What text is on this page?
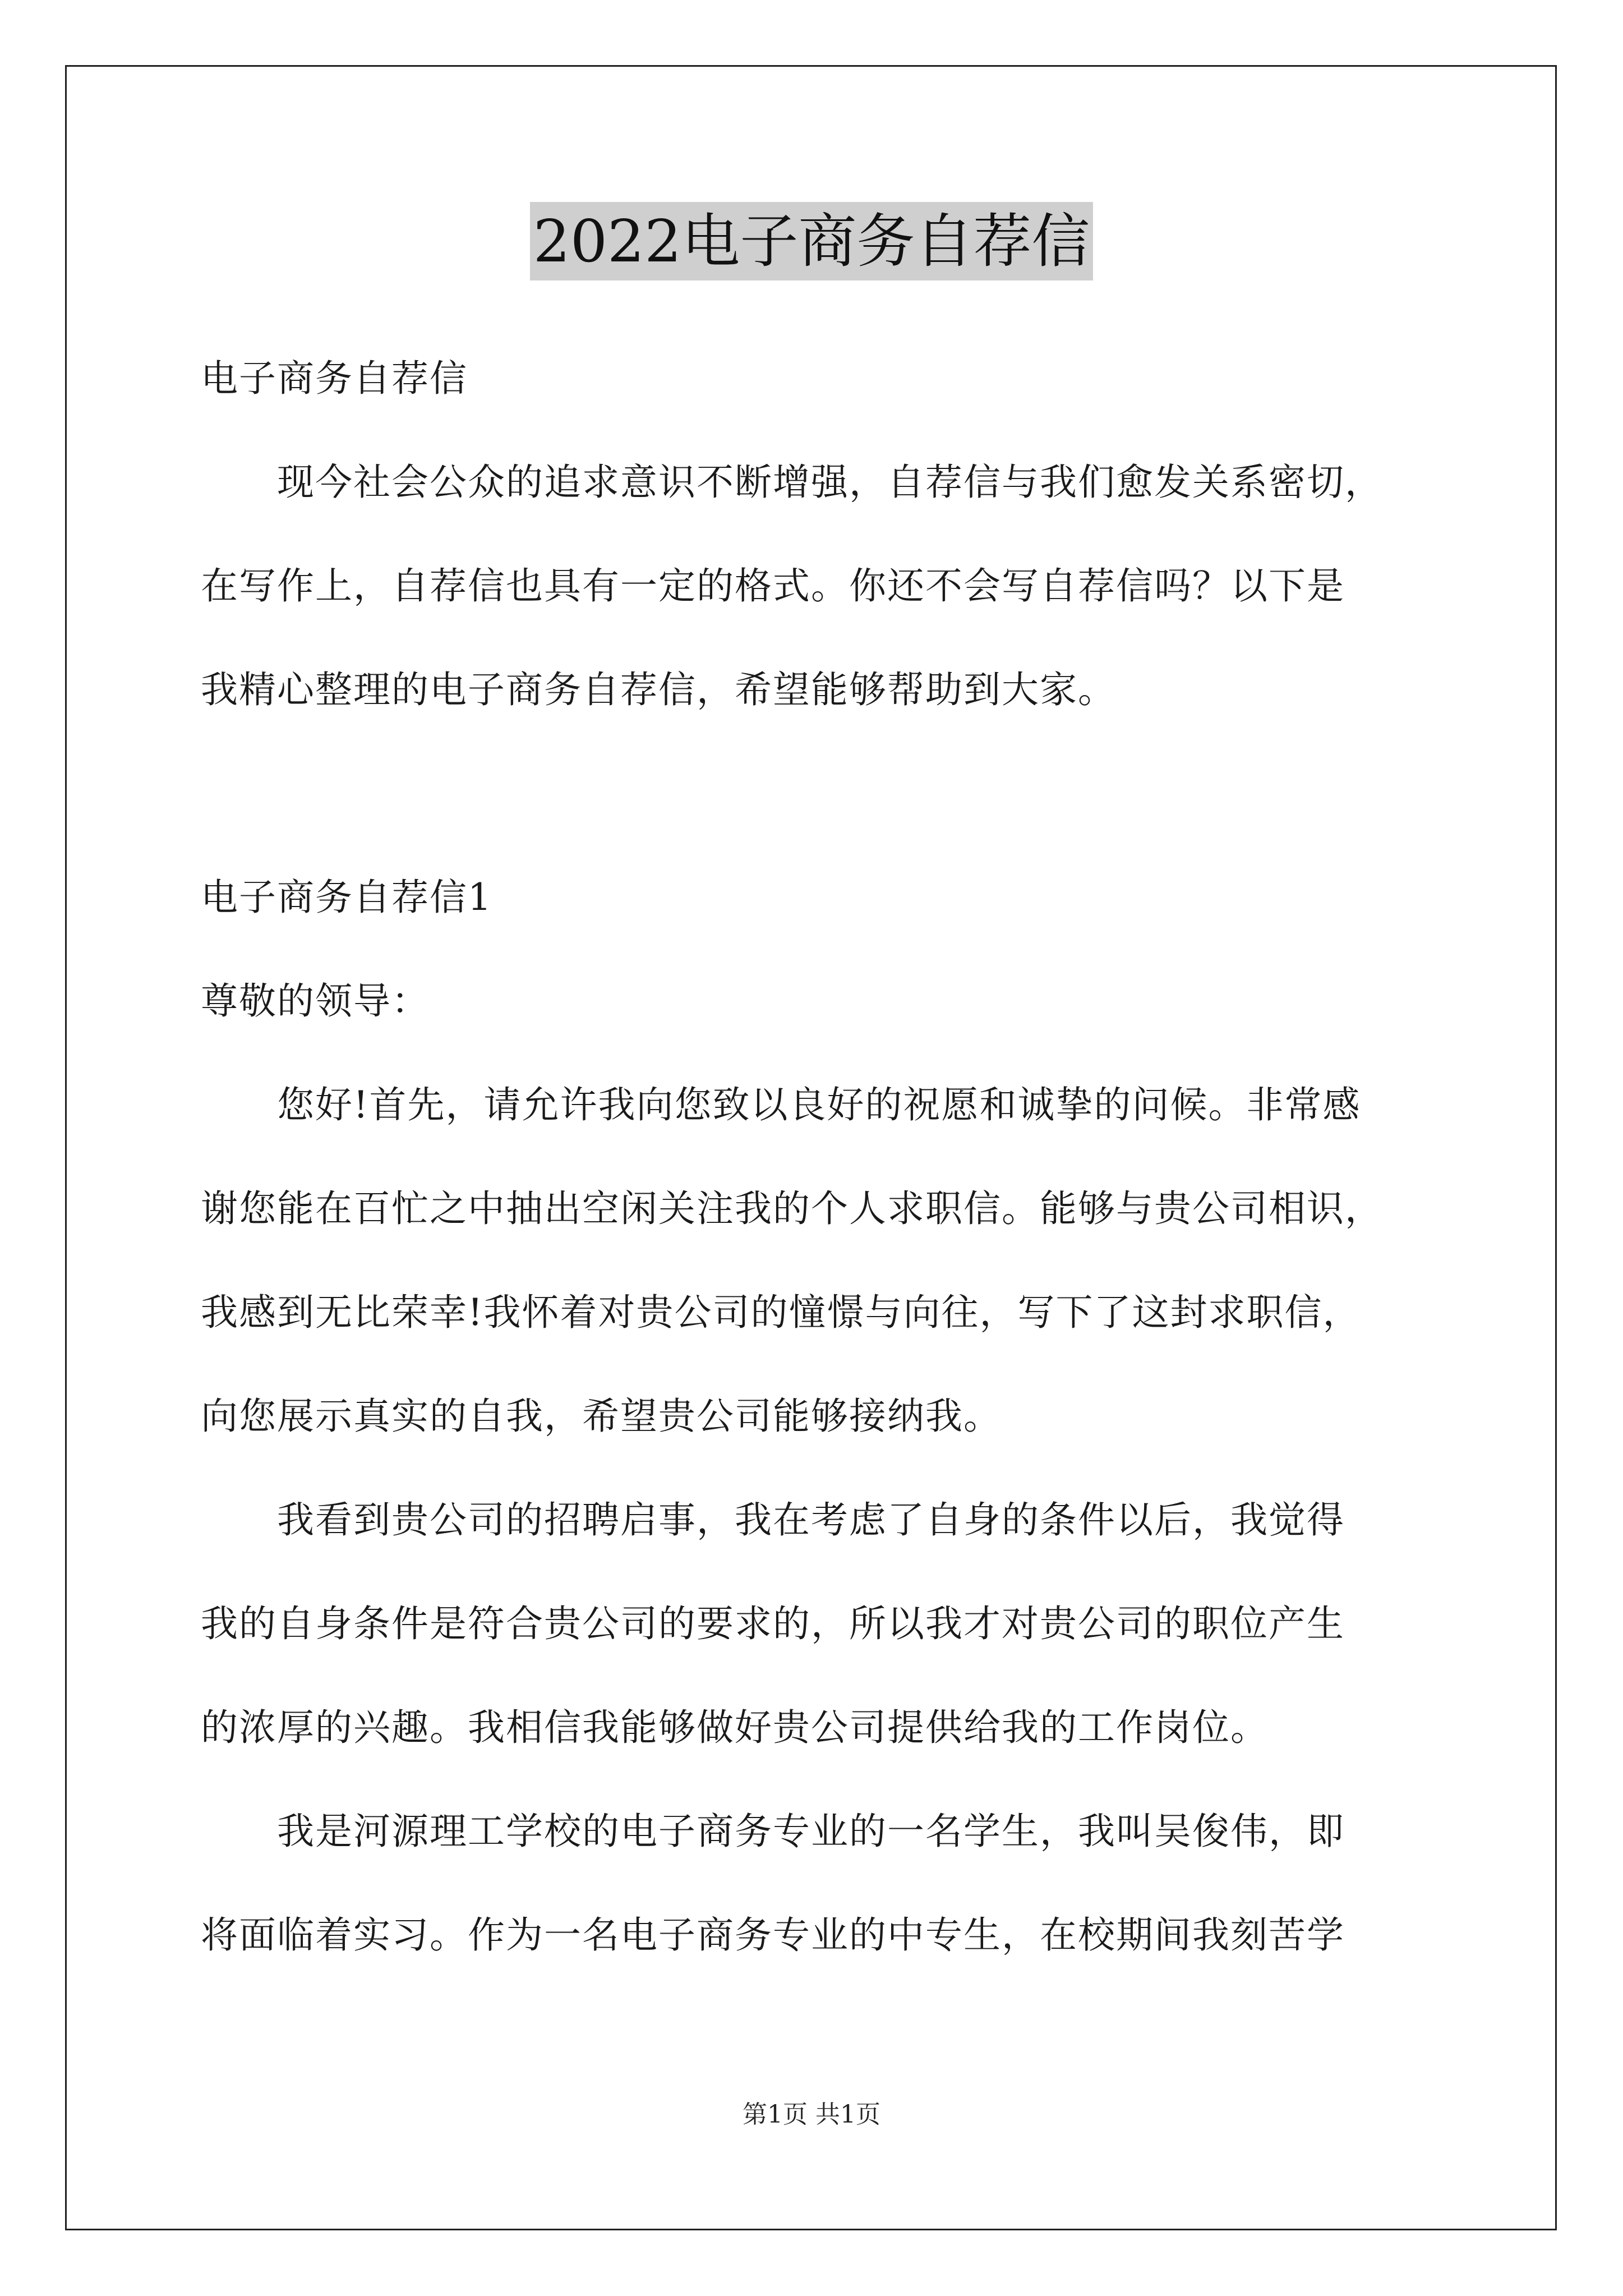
2022电子商务自荐信
电子商务自荐信
现今社会公众的追求意识不断增强，自荐信与我们愈发关系密切，
在写作上，自荐信也具有一定的格式。你还不会写自荐信吗？以下是
我精心整理的电子商务自荐信，希望能够帮助到大家。
电子商务自荐信1
尊敬的领导：
您好!首先，请允许我向您致以良好的祝愿和诚挚的问候。非常感
谢您能在百忙之中抽出空闲关注我的个人求职信。能够与贵公司相识，
我感到无比荣幸!我怀着对贵公司的憧憬与向往，写下了这封求职信，
向您展示真实的自我，希望贵公司能够接纳我。
我看到贵公司的招聘启事，我在考虑了自身的条件以后，我觉得
我的自身条件是符合贵公司的要求的，所以我才对贵公司的职位产生
的浓厚的兴趣。我相信我能够做好贵公司提供给我的工作岗位。
我是河源理工学校的电子商务专业的一名学生，我叫吴俊伟，即
将面临着实习。作为一名电子商务专业的中专生，在校期间我刻苦学
第1页 共1页
